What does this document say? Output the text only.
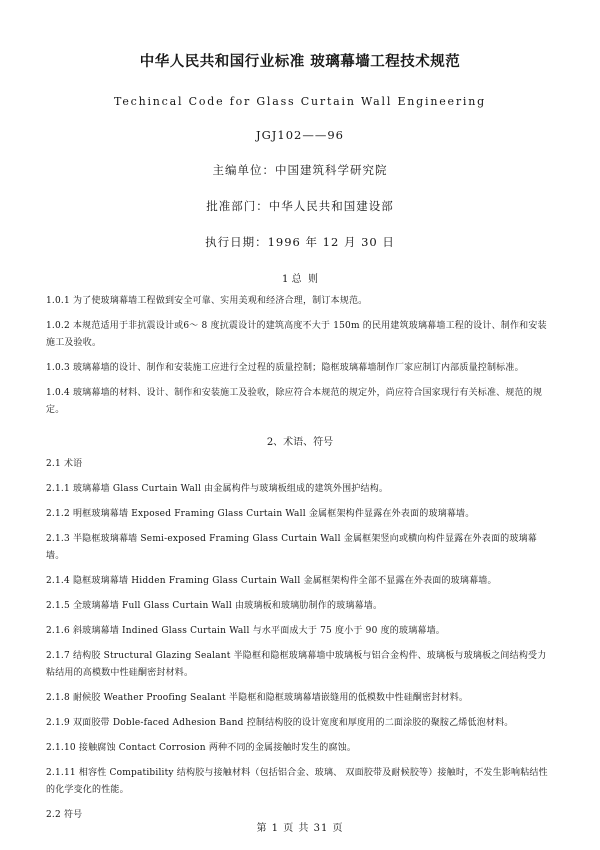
中华人民共和国行业标准 玻璃幕墙工程技术规范
Techincal Code for Glass Curtain Wall Engineering
JGJ102——96
主编单位：中国建筑科学研究院
批准部门：中华人民共和国建设部
执行日期：1996 年 12 月 30 日
1 总  则

1.0.1 为了使玻璃幕墙工程做到安全可靠、实用美观和经济合理，制订本规范。

1.0.2 本规范适用于非抗震设计或6～ 8 度抗震设计的建筑高度不大于 150m 的民用建筑玻璃幕墙工程的设计、制作和安装施工及验收。

1.0.3 玻璃幕墙的设计、制作和安装施工应进行全过程的质量控制；隐框玻璃幕墙制作厂家应制订内部质量控制标准。

1.0.4 玻璃幕墙的材料、设计、制作和安装施工及验收，除应符合本规范的规定外，尚应符合国家现行有关标准、规范的规定。

2、术语、符号

2.1 术语

2.1.1 玻璃幕墙 Glass Curtain Wall 由金属构件与玻璃板组成的建筑外围护结构。

2.1.2 明框玻璃幕墙 Exposed Framing Glass Curtain Wall 金属框架构件显露在外表面的玻璃幕墙。

2.1.3 半隐框玻璃幕墙 Semi-exposed Framing Glass Curtain Wall 金属框架竖向或横向构件显露在外表面的玻璃幕墙。

2.1.4 隐框玻璃幕墙 Hidden Framing Glass Curtain Wall 金属框架构件全部不显露在外表面的玻璃幕墙。

2.1.5 全玻璃幕墙 Full Glass Curtain Wall 由玻璃板和玻璃肋制作的玻璃幕墙。

2.1.6 斜玻璃幕墙 Indined Glass Curtain Wall 与水平面成大于 75 度小于 90 度的玻璃幕墙。

2.1.7 结构胶 Structural Glazing Sealant 半隐框和隐框玻璃幕墙中玻璃板与铝合金构件、玻璃板与玻璃板之间结构受力粘结用的高模数中性硅酮密封材料。

2.1.8 耐候胶 Weather Proofing Sealant 半隐框和隐框玻璃幕墙嵌缝用的低模数中性硅酮密封材料。

2.1.9 双面胶带 Doble-faced Adhesion Band 控制结构胶的设计宽度和厚度用的二面涂胶的聚胺乙烯低泡材料。

2.1.10 接触腐蚀 Contact Corrosion 两种不同的金属接触时发生的腐蚀。

2.1.11 相容性 Compatibility 结构胶与接触材料（包括铝合金、玻璃、 双面胶带及耐候胶等）接触时，不发生影响粘结性的化学变化的性能。

2.2 符号

第 1 页 共 31 页
